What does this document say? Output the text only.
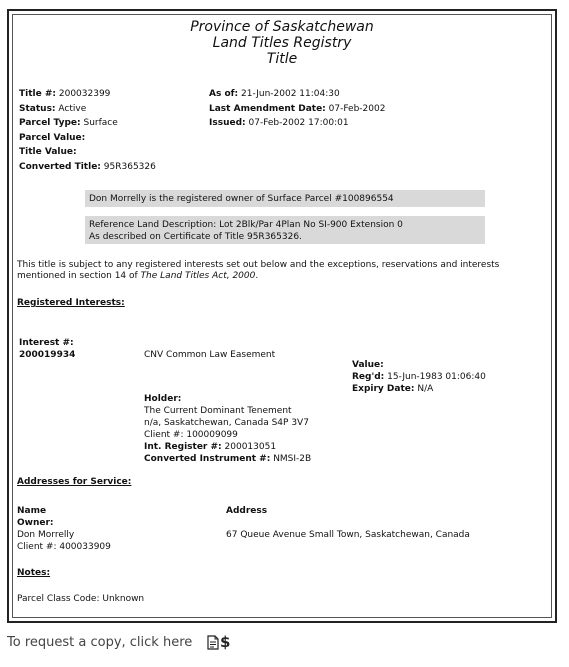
Province of Saskatchewan
Land Titles Registry
Title
Title #: 200032399
Status: Active
Parcel Type: Surface
Parcel Value:
Title Value:
Converted Title: 95R365326
As of: 21-Jun-2002 11:04:30
Last Amendment Date: 07-Feb-2002
Issued: 07-Feb-2002 17:00:01
Don Morrelly is the registered owner of Surface Parcel #100896554
Reference Land Description: Lot 2Blk/Par 4Plan No SI-900 Extension 0
As described on Certificate of Title 95R365326.
This title is subject to any registered interests set out below and the exceptions, reservations and interests mentioned in section 14 of The Land Titles Act, 2000.
Registered Interests:
Interest #:
200019934	CNV Common Law Easement
Value:
Reg'd: 15-Jun-1983 01:06:40
Expiry Date: N/A
Holder:
The Current Dominant Tenement
n/a, Saskatchewan, Canada S4P 3V7
Client #: 100009099
Int. Register #: 200013051
Converted Instrument #: NMSI-2B
Addresses for Service:
Name
Owner:
Don Morrelly
Client #: 400033909
Address
67 Queue Avenue Small Town, Saskatchewan, Canada
Notes:
Parcel Class Code: Unknown
To request a copy, click here $
